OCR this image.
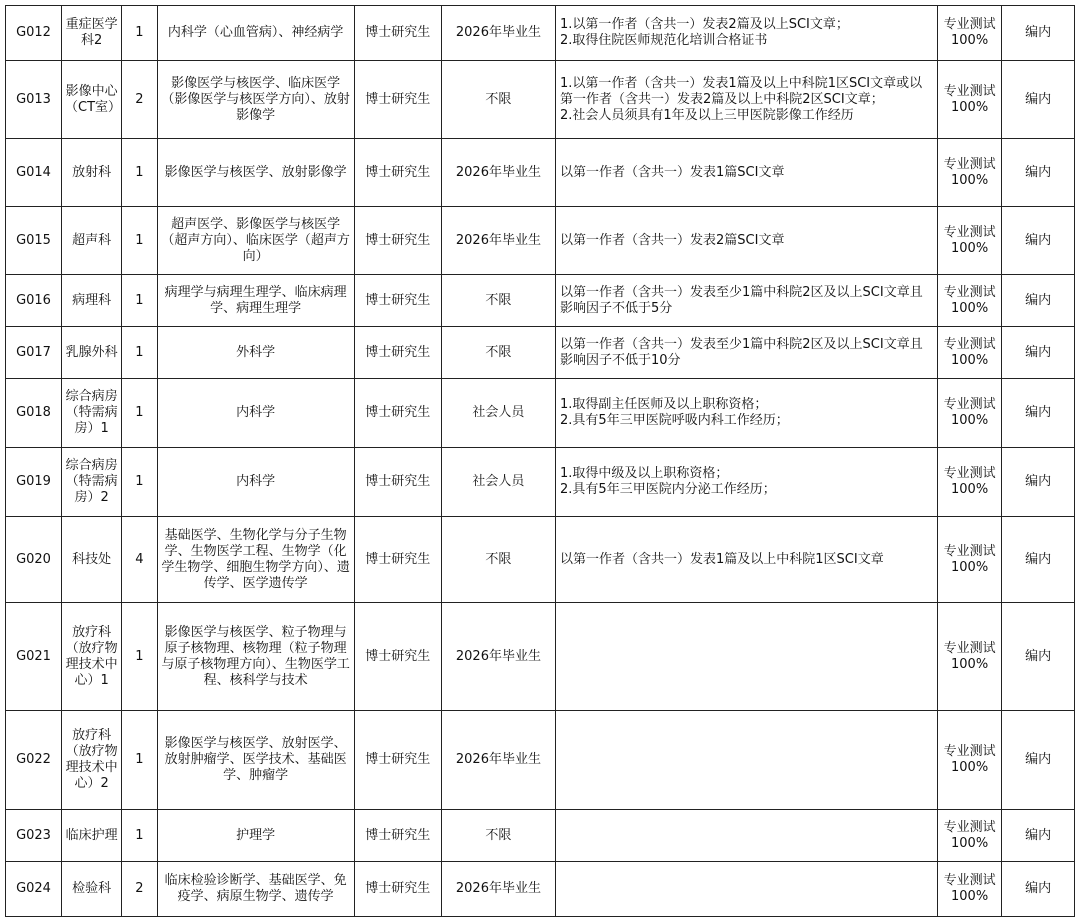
G012	重症医学科2	1	内科学（心血管病）、神经病学	博士研究生	2026年毕业生	1.以第一作者（含共一）发表2篇及以上SCI文章；
2.取得住院医师规范化培训合格证书	专业测试100%	编内
G013	影像中心（CT室）	2	影像医学与核医学、临床医学（影像医学与核医学方向）、放射影像学	博士研究生	不限	1.以第一作者（含共一）发表1篇及以上中科院1区SCI文章或以第一作者（含共一）发表2篇及以上中科院2区SCI文章；
2.社会人员须具有1年及以上三甲医院影像工作经历	专业测试100%	编内
G014	放射科	1	影像医学与核医学、放射影像学	博士研究生	2026年毕业生	以第一作者（含共一）发表1篇SCI文章	专业测试100%	编内
G015	超声科	1	超声医学、影像医学与核医学（超声方向）、临床医学（超声方向）	博士研究生	2026年毕业生	以第一作者（含共一）发表2篇SCI文章	专业测试100%	编内
G016	病理科	1	病理学与病理生理学、临床病理学、病理生理学	博士研究生	不限	以第一作者（含共一）发表至少1篇中科院2区及以上SCI文章且影响因子不低于5分	专业测试100%	编内
G017	乳腺外科	1	外科学	博士研究生	不限	以第一作者（含共一）发表至少1篇中科院2区及以上SCI文章且影响因子不低于10分	专业测试100%	编内
G018	综合病房（特需病房）1	1	内科学	博士研究生	社会人员	1.取得副主任医师及以上职称资格；
2.具有5年三甲医院呼吸内科工作经历；	专业测试100%	编内
G019	综合病房（特需病房）2	1	内科学	博士研究生	社会人员	1.取得中级及以上职称资格；
2.具有5年三甲医院内分泌工作经历；	专业测试100%	编内
G020	科技处	4	基础医学、生物化学与分子生物学、生物医学工程、生物学（化学生物学、细胞生物学方向）、遗传学、医学遗传学	博士研究生	不限	以第一作者（含共一）发表1篇及以上中科院1区SCI文章	专业测试100%	编内
G021	放疗科（放疗物理技术中心）1	1	影像医学与核医学、粒子物理与原子核物理、核物理（粒子物理与原子核物理方向）、生物医学工程、核科学与技术	博士研究生	2026年毕业生		专业测试100%	编内
G022	放疗科（放疗物理技术中心）2	1	影像医学与核医学、放射医学、放射肿瘤学、医学技术、基础医学、肿瘤学	博士研究生	2026年毕业生		专业测试100%	编内
G023	临床护理	1	护理学	博士研究生	不限		专业测试100%	编内
G024	检验科	2	临床检验诊断学、基础医学、免疫学、病原生物学、遗传学	博士研究生	2026年毕业生		专业测试100%	编内
